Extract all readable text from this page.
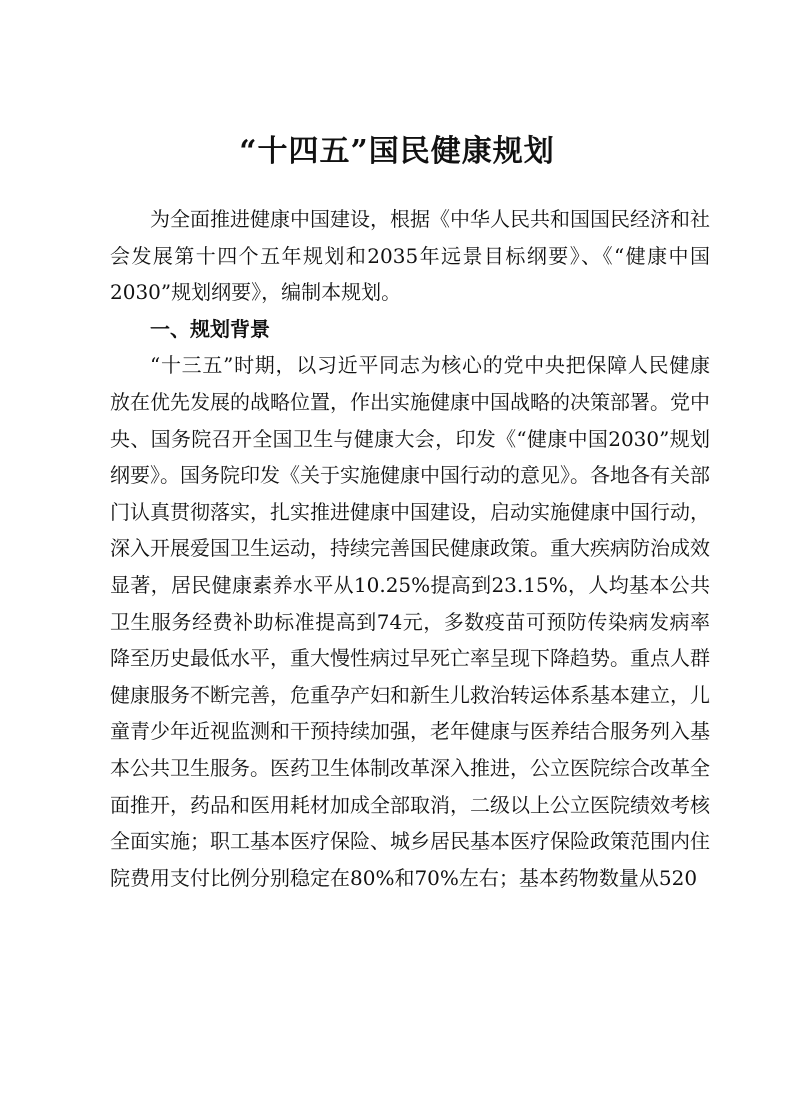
“十四五”国民健康规划

为全面推进健康中国建设，根据《中华人民共和国国民经济和社会发展第十四个五年规划和2035年远景目标纲要》、《“健康中国2030”规划纲要》，编制本规划。

一、规划背景

“十三五”时期，以习近平同志为核心的党中央把保障人民健康放在优先发展的战略位置，作出实施健康中国战略的决策部署。党中央、国务院召开全国卫生与健康大会，印发《“健康中国2030”规划纲要》。国务院印发《关于实施健康中国行动的意见》。各地各有关部门认真贯彻落实，扎实推进健康中国建设，启动实施健康中国行动，深入开展爱国卫生运动，持续完善国民健康政策。重大疾病防治成效显著，居民健康素养水平从10.25%提高到23.15%，人均基本公共卫生服务经费补助标准提高到74元，多数疫苗可预防传染病发病率降至历史最低水平，重大慢性病过早死亡率呈现下降趋势。重点人群健康服务不断完善，危重孕产妇和新生儿救治转运体系基本建立，儿童青少年近视监测和干预持续加强，老年健康与医养结合服务列入基本公共卫生服务。医药卫生体制改革深入推进，公立医院综合改革全面推开，药品和医用耗材加成全部取消，二级以上公立医院绩效考核全面实施；职工基本医疗保险、城乡居民基本医疗保险政策范围内住院费用支付比例分别稳定在80%和70%左右；基本药物数量从520
